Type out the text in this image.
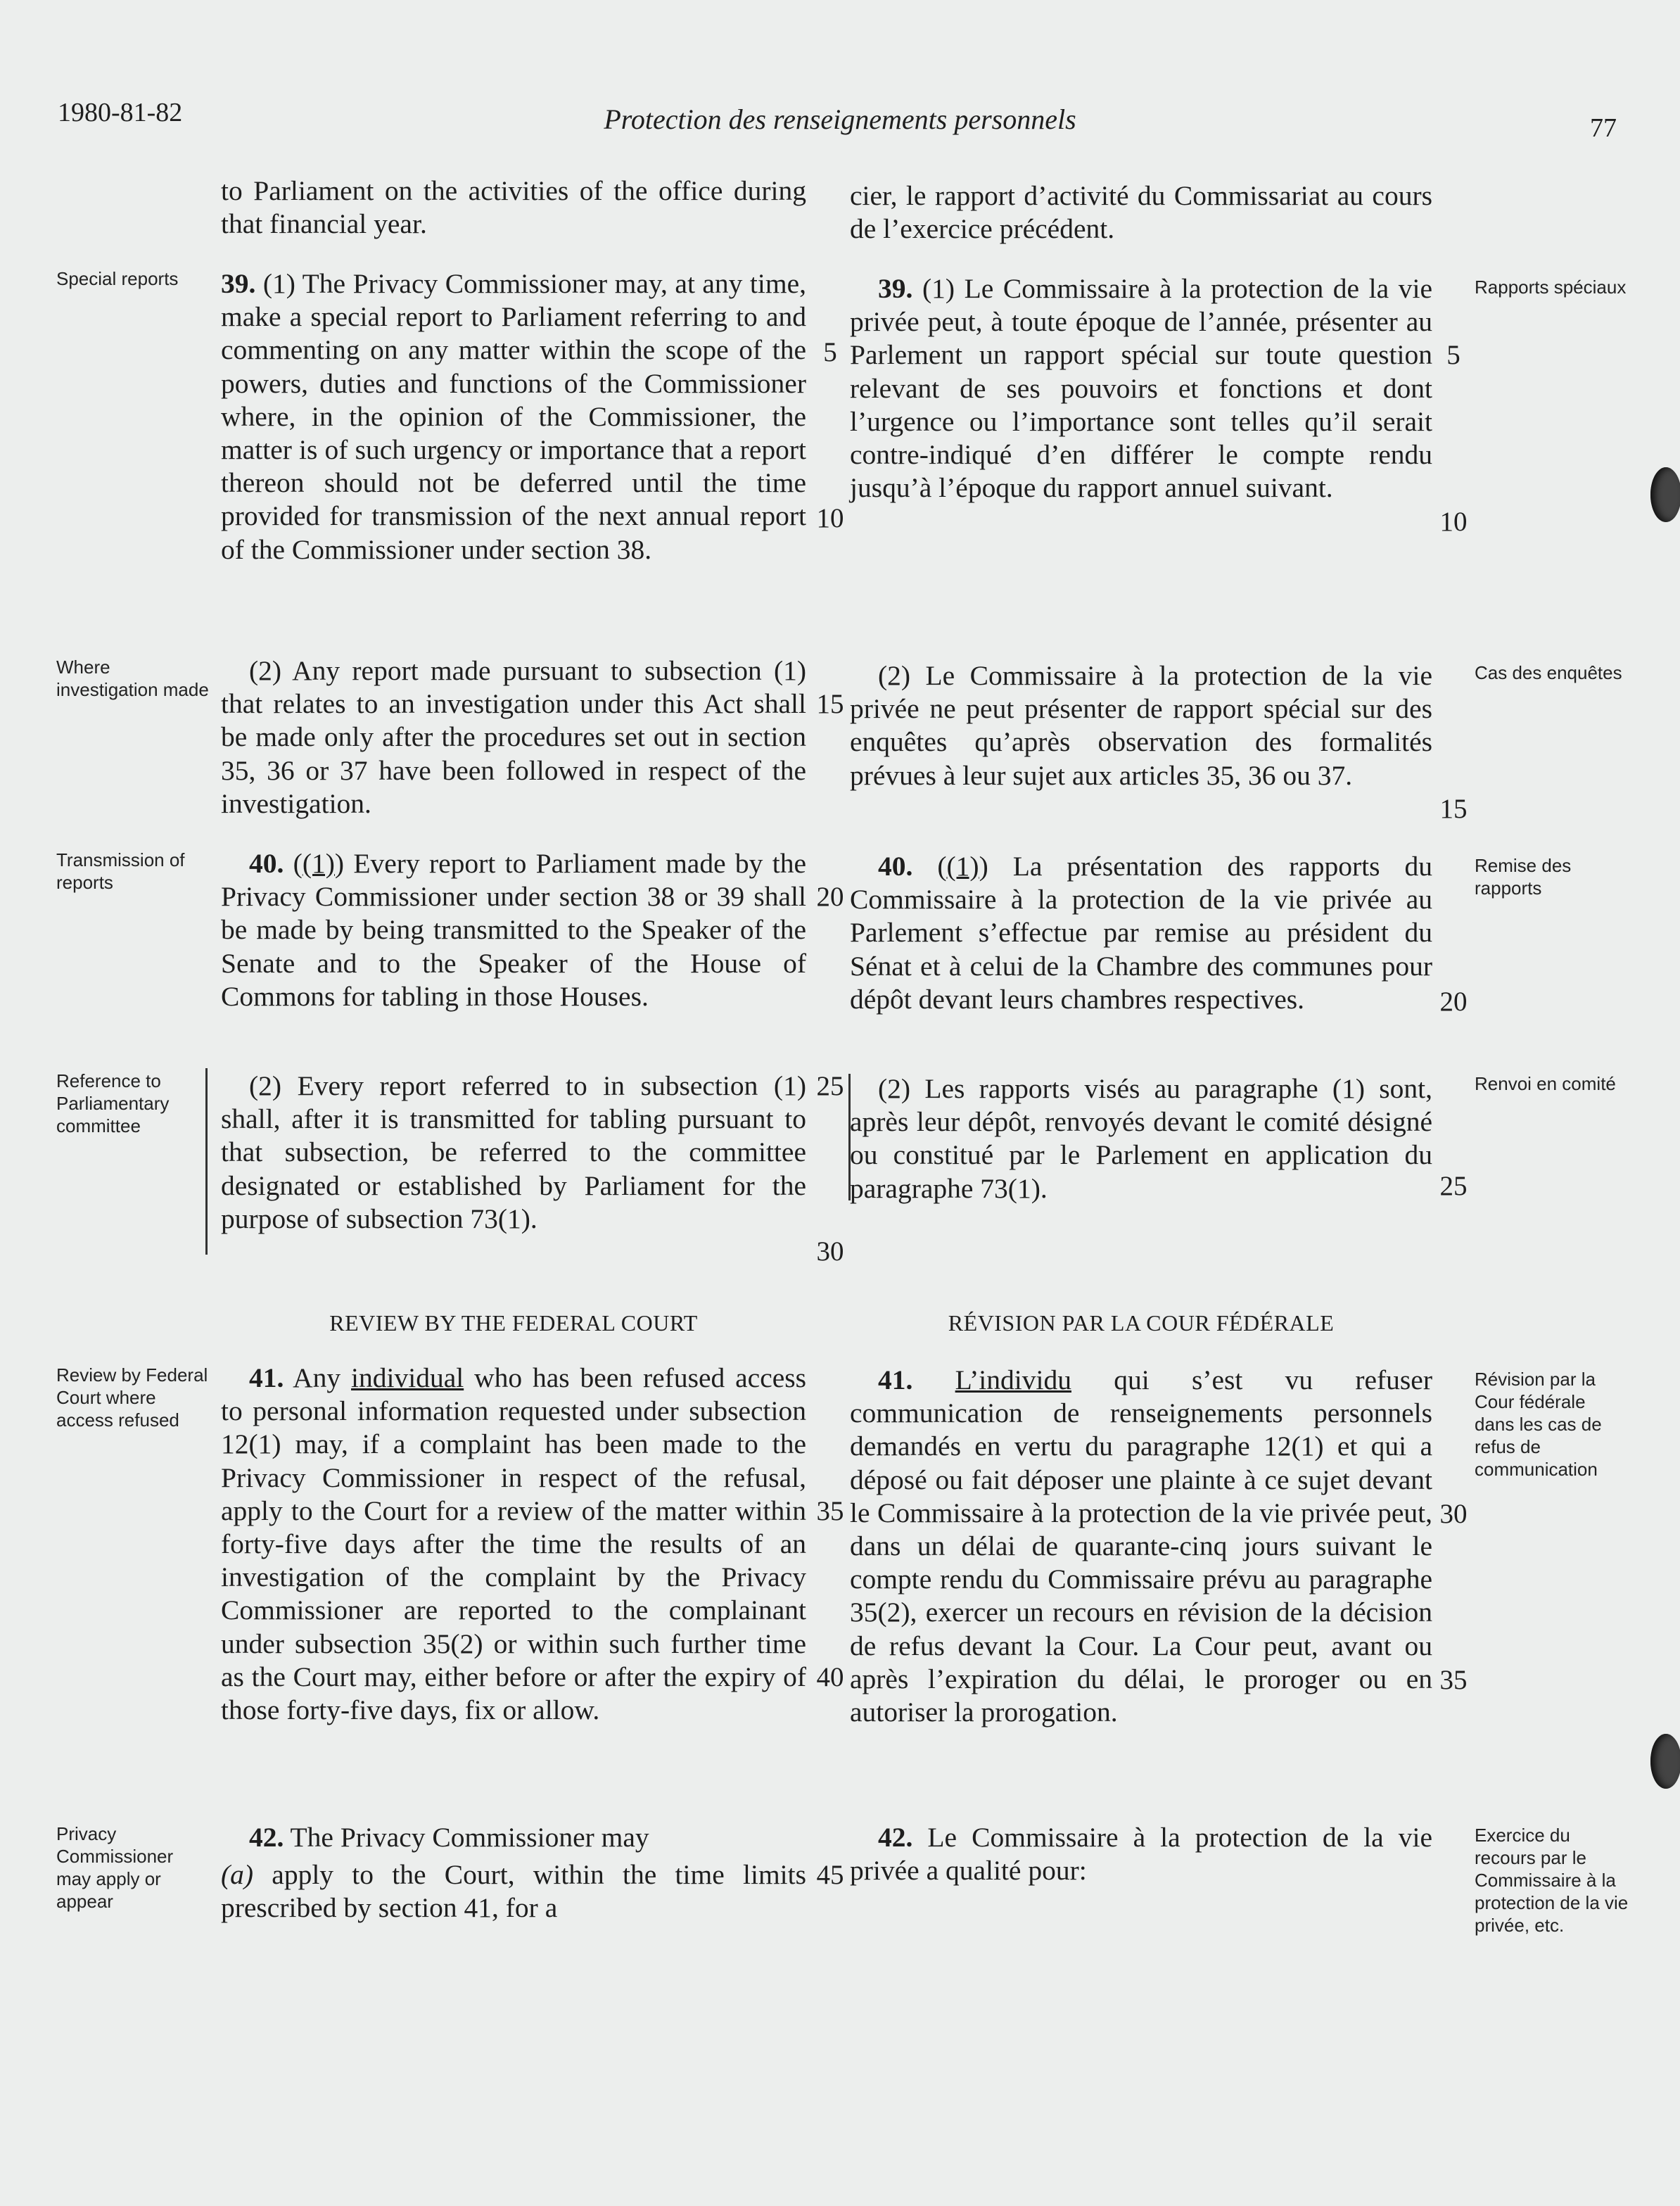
1980-81-82	Protection des renseignements personnels	77
to Parliament on the activities of the office during that financial year.
39. (1) The Privacy Commissioner may, at any time, make a special report to Parliament referring to and commenting on any matter within the scope of the powers, duties and functions of the Commissioner where, in the opinion of the Commissioner, the matter is of such urgency or importance that a report thereon should not be deferred until the time provided for transmission of the next annual report of the Commissioner under section 38.
(2) Any report made pursuant to subsection (1) that relates to an investigation under this Act shall be made only after the procedures set out in section 35, 36 or 37 have been followed in respect of the investigation.
40. ((1)) Every report to Parliament made by the Privacy Commissioner under section 38 or 39 shall be made by being transmitted to the Speaker of the Senate and to the Speaker of the House of Commons for tabling in those Houses.
(2) Every report referred to in subsection (1) shall, after it is transmitted for tabling pursuant to that subsection, be referred to the committee designated or established by Parliament for the purpose of subsection 73(1).
REVIEW BY THE FEDERAL COURT
41. Any individual who has been refused access to personal information requested under subsection 12(1) may, if a complaint has been made to the Privacy Commissioner in respect of the refusal, apply to the Court for a review of the matter within forty-five days after the time the results of an investigation of the complaint by the Privacy Commissioner are reported to the complainant under subsection 35(2) or within such further time as the Court may, either before or after the expiry of those forty-five days, fix or allow.
42. The Privacy Commissioner may
(a) apply to the Court, within the time limits prescribed by section 41, for a
cier, le rapport d’activité du Commissariat au cours de l’exercice précédent.
39. (1) Le Commissaire à la protection de la vie privée peut, à toute époque de l’année, présenter au Parlement un rapport spécial sur toute question relevant de ses pouvoirs et fonctions et dont l’urgence ou l’importance sont telles qu’il serait contre-indiqué d’en différer le compte rendu jusqu’à l’époque du rapport annuel suivant.
(2) Le Commissaire à la protection de la vie privée ne peut présenter de rapport spécial sur des enquêtes qu’après observation des formalités prévues à leur sujet aux articles 35, 36 ou 37.
40. ((1)) La présentation des rapports du Commissaire à la protection de la vie privée au Parlement s’effectue par remise au président du Sénat et à celui de la Chambre des communes pour dépôt devant leurs chambres respectives.
(2) Les rapports visés au paragraphe (1) sont, après leur dépôt, renvoyés devant le comité désigné ou constitué par le Parlement en application du paragraphe 73(1).
RÉVISION PAR LA COUR FÉDÉRALE
41. L’individu qui s’est vu refuser communication de renseignements personnels demandés en vertu du paragraphe 12(1) et qui a déposé ou fait déposer une plainte à ce sujet devant le Commissaire à la protection de la vie privée peut, dans un délai de quarante-cinq jours suivant le compte rendu du Commissaire prévu au paragraphe 35(2), exercer un recours en révision de la décision de refus devant la Cour. La Cour peut, avant ou après l’expiration du délai, le proroger ou en autoriser la prorogation.
42. Le Commissaire à la protection de la vie privée a qualité pour:
Special reports
Where investigation made
Transmission of reports
Reference to Parliamentary committee
Review by Federal Court where access refused
Privacy Commissioner may apply or appear
Rapports spéciaux
Cas des enquêtes
Remise des rapports
Renvoi en comité
Révision par la Cour fédérale dans les cas de refus de communication
Exercice du recours par le Commissaire à la protection de la vie privée, etc.
5
10
15
20
25
30
35
40
45
5
10
15
20
25
30
35
